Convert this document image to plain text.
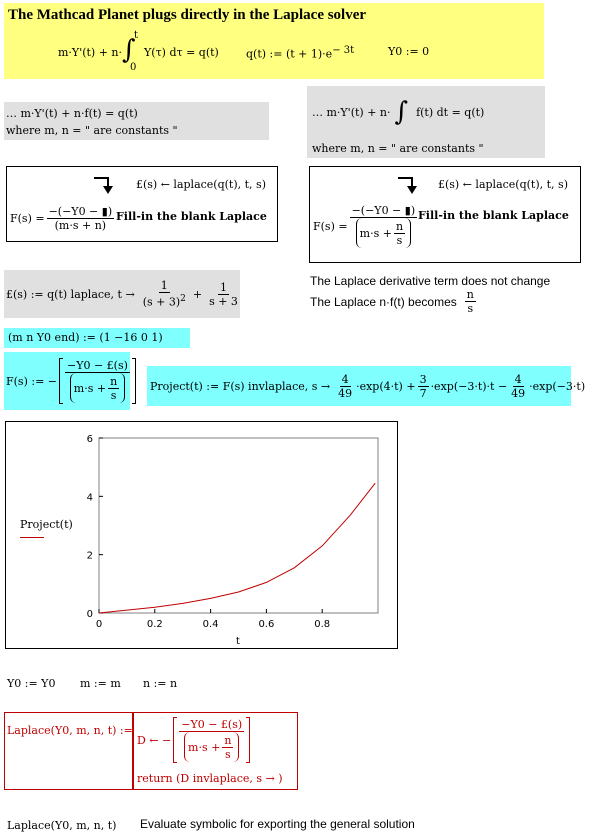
The Mathcad Planet plugs directly in the Laplace solver
m·Y'(t) + n· ∫
t
0
Y(τ) dτ = q(t) q(t) := $(t + 1)\cdot e^{- 3t}$	Y0 := 0
… m·Y'(t) + n·f(t) = q(t)
where m, n = " are constants "
… m·Y'(t) + n· ∫ f(t) dt = q(t)
where m, n = " are constants "
£(s) ← laplace(q(t), t, s)
$F(s) = \frac{-(-Y0 - ▮)}{(m\cdot s + n)}$ Fill-in the blank Laplace
£(s) ← laplace(q(t), t, s)
$F(s) = \frac{-(-Y0 - ▮)}{m\cdot s + \frac{n}{s}}$ Fill-in the blank Laplace
£(s) := q(t) laplace, $t \to \frac{1}{(s + 3)^2} + \frac{1}{s + 3}$	The Laplace derivative term does not change
The Laplace n·f(t) becomes $\frac{n}{s}$
(m n Y0 end) := (1 −16 0 1)
F(s) := − $\frac{-Y0 - £(s)}{m\cdot s + \frac{n}{s}}$ Project(t) := F(s) invlaplace, $s \to \frac{4}{49} \cdot\exp(4\cdot t) + \frac{3}{7} \cdot\exp(-3\cdot t)\cdot t - \frac{4}{49} \cdot\exp(-3\cdot t)$
0
2
4
6
0	0.2	0.4	0.6	0.8
t
Project(t)
Y0 := Y0 m := m n := n
Laplace(Y0, m, n, t) :=
D ← − $\frac{-Y0 - £(s)}{m\cdot s + \frac{n}{s}}$
return (D invlaplace, s → )
Laplace(Y0, m, n, t) Evaluate symbolic for exporting the general solution
